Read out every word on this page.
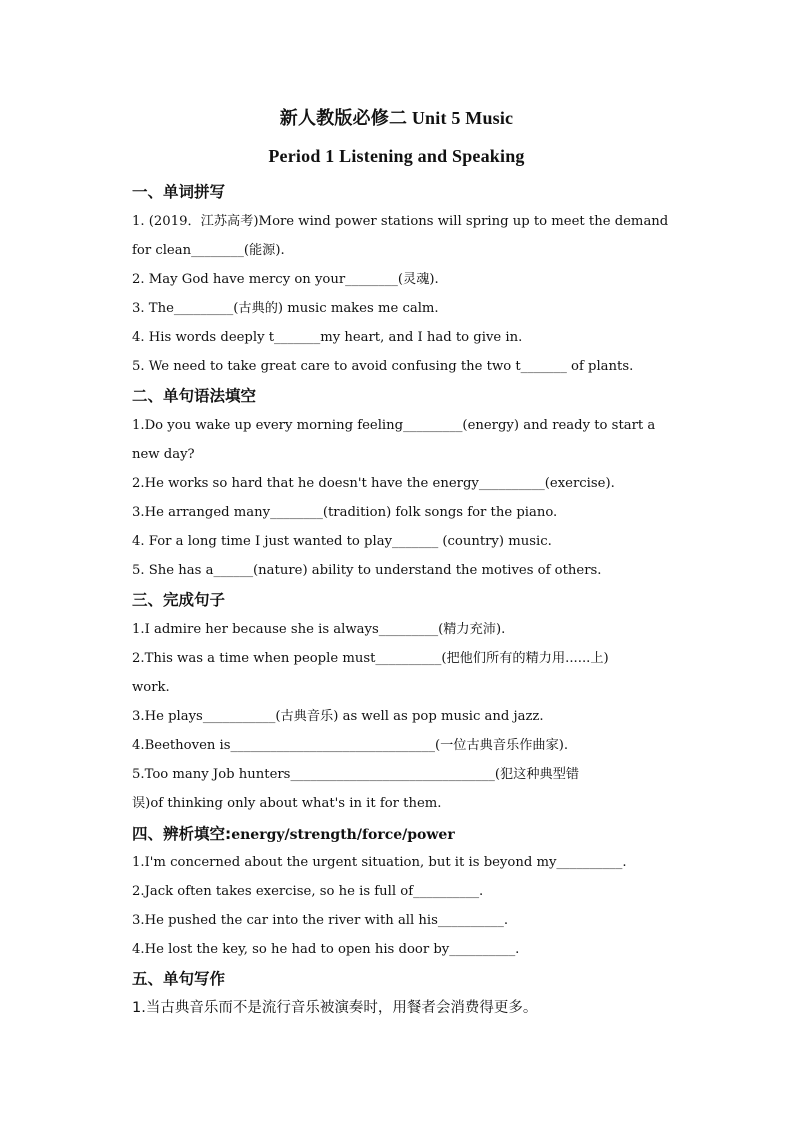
新人教版必修二 Unit 5 Music
Period 1 Listening and Speaking
一、单词拼写
1. (2019．江苏高考)More wind power stations will spring up to meet the demand
for clean________(能源).
2. May God have mercy on your________(灵魂).
3. The_________(古典的) music makes me calm.
4. His words deeply t_______my heart, and I had to give in.
5. We need to take great care to avoid confusing the two t_______ of plants.
二、单句语法填空
1.Do you wake up every morning feeling_________(energy) and ready to start a
new day?
2.He works so hard that he doesn't have the energy__________(exercise).
3.He arranged many________(tradition) folk songs for the piano.
4. For a long time I just wanted to play_______ (country) music.
5. She has a______(nature) ability to understand the motives of others.
三、完成句子
1.I admire her because she is always_________(精力充沛).
2.This was a time when people must__________(把他们所有的精力用......上)
work.
3.He plays___________(古典音乐) as well as pop music and jazz.
4.Beethoven is_______________________________(一位古典音乐作曲家).
5.Too many Job hunters_______________________________(犯这种典型错
误)of thinking only about what's in it for them.
四、辨析填空:energy/strength/force/power
1.I'm concerned about the urgent situation, but it is beyond my__________.
2.Jack often takes exercise, so he is full of__________.
3.He pushed the car into the river with all his__________.
4.He lost the key, so he had to open his door by__________.
五、单句写作
1.当古典音乐而不是流行音乐被演奏时，用餐者会消费得更多。
